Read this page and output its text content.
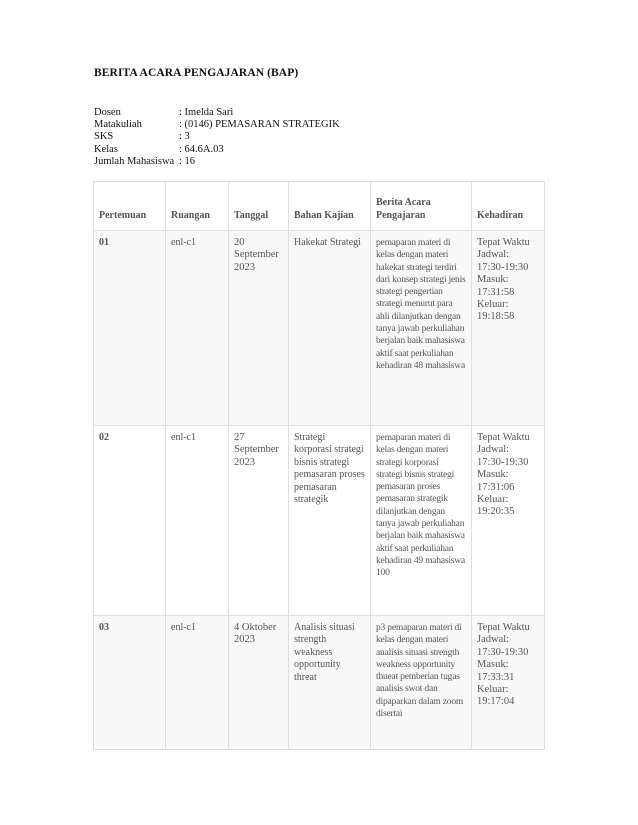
BERITA ACARA PENGAJARAN (BAP)
Dosen	: Imelda Sari
Matakuliah	: (0146) PEMASARAN STRATEGIK
SKS	: 3
Kelas	: 64.6A.03
Jumlah Mahasiswa : 16
Pertemuan	Ruangan	Tanggal	Bahan Kajian	Berita Acara Pengajaran	Kehadiran
01	enl-c1	20 September 2023	Hakekat Strategi	pemaparan materi di kelas dengan materi hakekat strategi terdiri dari konsep strategi jenis strategi pengertian strategi menurut para ahli dilanjutkan dengan tanya jawab perkuliahan berjalan baik mahasiswa aktif saat perkuliahan kehadiran 48 mahasiswa	Tepat Waktu Jadwal: 17:30-19:30 Masuk: 17:31:58 Keluar: 19:18:58
02	enl-c1	27 September 2023	Strategi korporasi strategi bisnis strategi pemasaran proses pemasaran strategik	pemaparan materi di kelas dengan materi strategi korporasi strategi bisnis strategi pemasaran proses pemasaran strategik dilanjutkan dengan tanya jawab perkuliahan berjalan baik mahasiswa aktif saat perkuliahan kehadiran 49 mahasiswa 100	Tepat Waktu Jadwal: 17:30-19:30 Masuk: 17:31:06 Keluar: 19:20:35
03	enl-c1	4 Oktober 2023	Analisis situasi strength weakness opportunity threat	p3 pemaparan materi di kelas dengan materi analisis situasi strength weakness opportunity thueat pemberian tugas analisis swot dan dipaparkan dalam zoom disertai	Tepat Waktu Jadwal: 17:30-19:30 Masuk: 17:33:31 Keluar: 19:17:04
